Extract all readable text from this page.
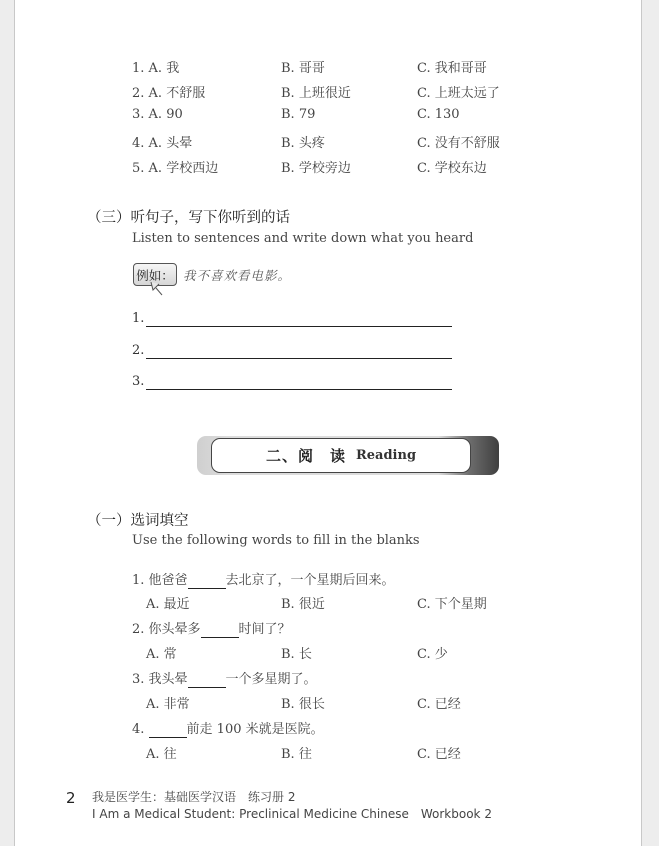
1. A. 我	B. 哥哥	C. 我和哥哥
2. A. 不舒服	B. 上班很近	C. 上班太远了
3. A. 90	B. 79	C. 130
4. A. 头晕	B. 头疼	C. 没有不舒服
5. A. 学校西边	B. 学校旁边	C. 学校东边
（三）听句子，写下你听到的话
Listen to sentences and write down what you heard
例如： 我不喜欢看电影。
1.
2.
3.
二、阅　读 Reading
（一）选词填空
Use the following words to fill in the blanks
1. 他爸爸	去北京了，一个星期后回来。
A. 最近	B. 很近	C. 下个星期
2. 你头晕多	时间了？
A. 常	B. 长	C. 少
3. 我头晕	一个多星期了。
A. 非常	B. 很长	C. 已经
4.	前走 100 米就是医院。
A. 往	B. 往	C. 已经
2 我是医学生：基础医学汉语　练习册 2
I Am a Medical Student: Preclinical Medicine Chinese　Workbook 2
